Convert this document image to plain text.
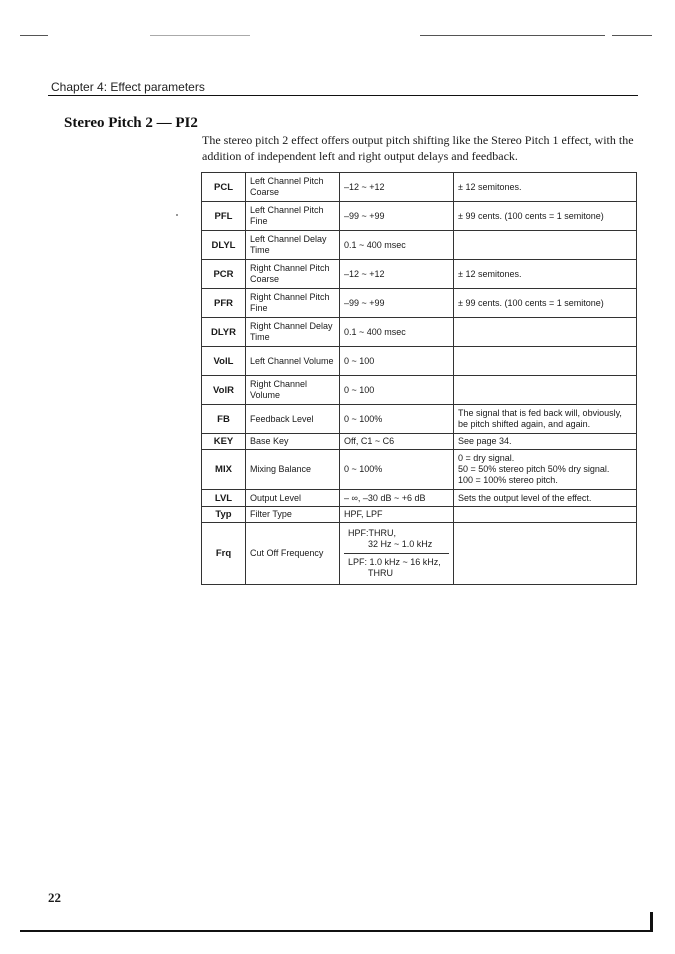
Chapter 4: Effect parameters
Stereo Pitch 2 — PI2
The stereo pitch 2 effect offers output pitch shifting like the Stereo Pitch 1 effect, with the addition of independent left and right output delays and feedback.
PCL	Left Channel Pitch Coarse	–12 ~ +12	± 12 semitones.
PFL	Left Channel Pitch Fine	–99 ~ +99	± 99 cents. (100 cents = 1 semitone)
DLYL	Left Channel Delay Time	0.1 ~ 400 msec	
PCR	Right Channel Pitch Coarse	–12 ~ +12	± 12 semitones.
PFR	Right Channel Pitch Fine	–99 ~ +99	± 99 cents. (100 cents = 1 semitone)
DLYR	Right Channel Delay Time	0.1 ~ 400 msec	
VolL	Left Channel Volume	0 ~ 100	
VolR	Right Channel Volume	0 ~ 100	
FB	Feedback Level	0 ~ 100%	The signal that is fed back will, obviously, be pitch shifted again, and again.
KEY	Base Key	Off, C1 ~ C6	See page 34.
MIX	Mixing Balance	0 ~ 100%	0 = dry signal.
50 = 50% stereo pitch 50% dry signal.
100 = 100% stereo pitch.

LVL	Output Level	– ∞, –30 dB ~ +6 dB	Sets the output level of the effect.
Typ	Filter Type	HPF, LPF	
Frq	Cut Off Frequency	HPF:THRU,
32 Hz ~ 1.0 kHz
LPF: 1.0 kHz ~ 16 kHz,
THRU	

22
